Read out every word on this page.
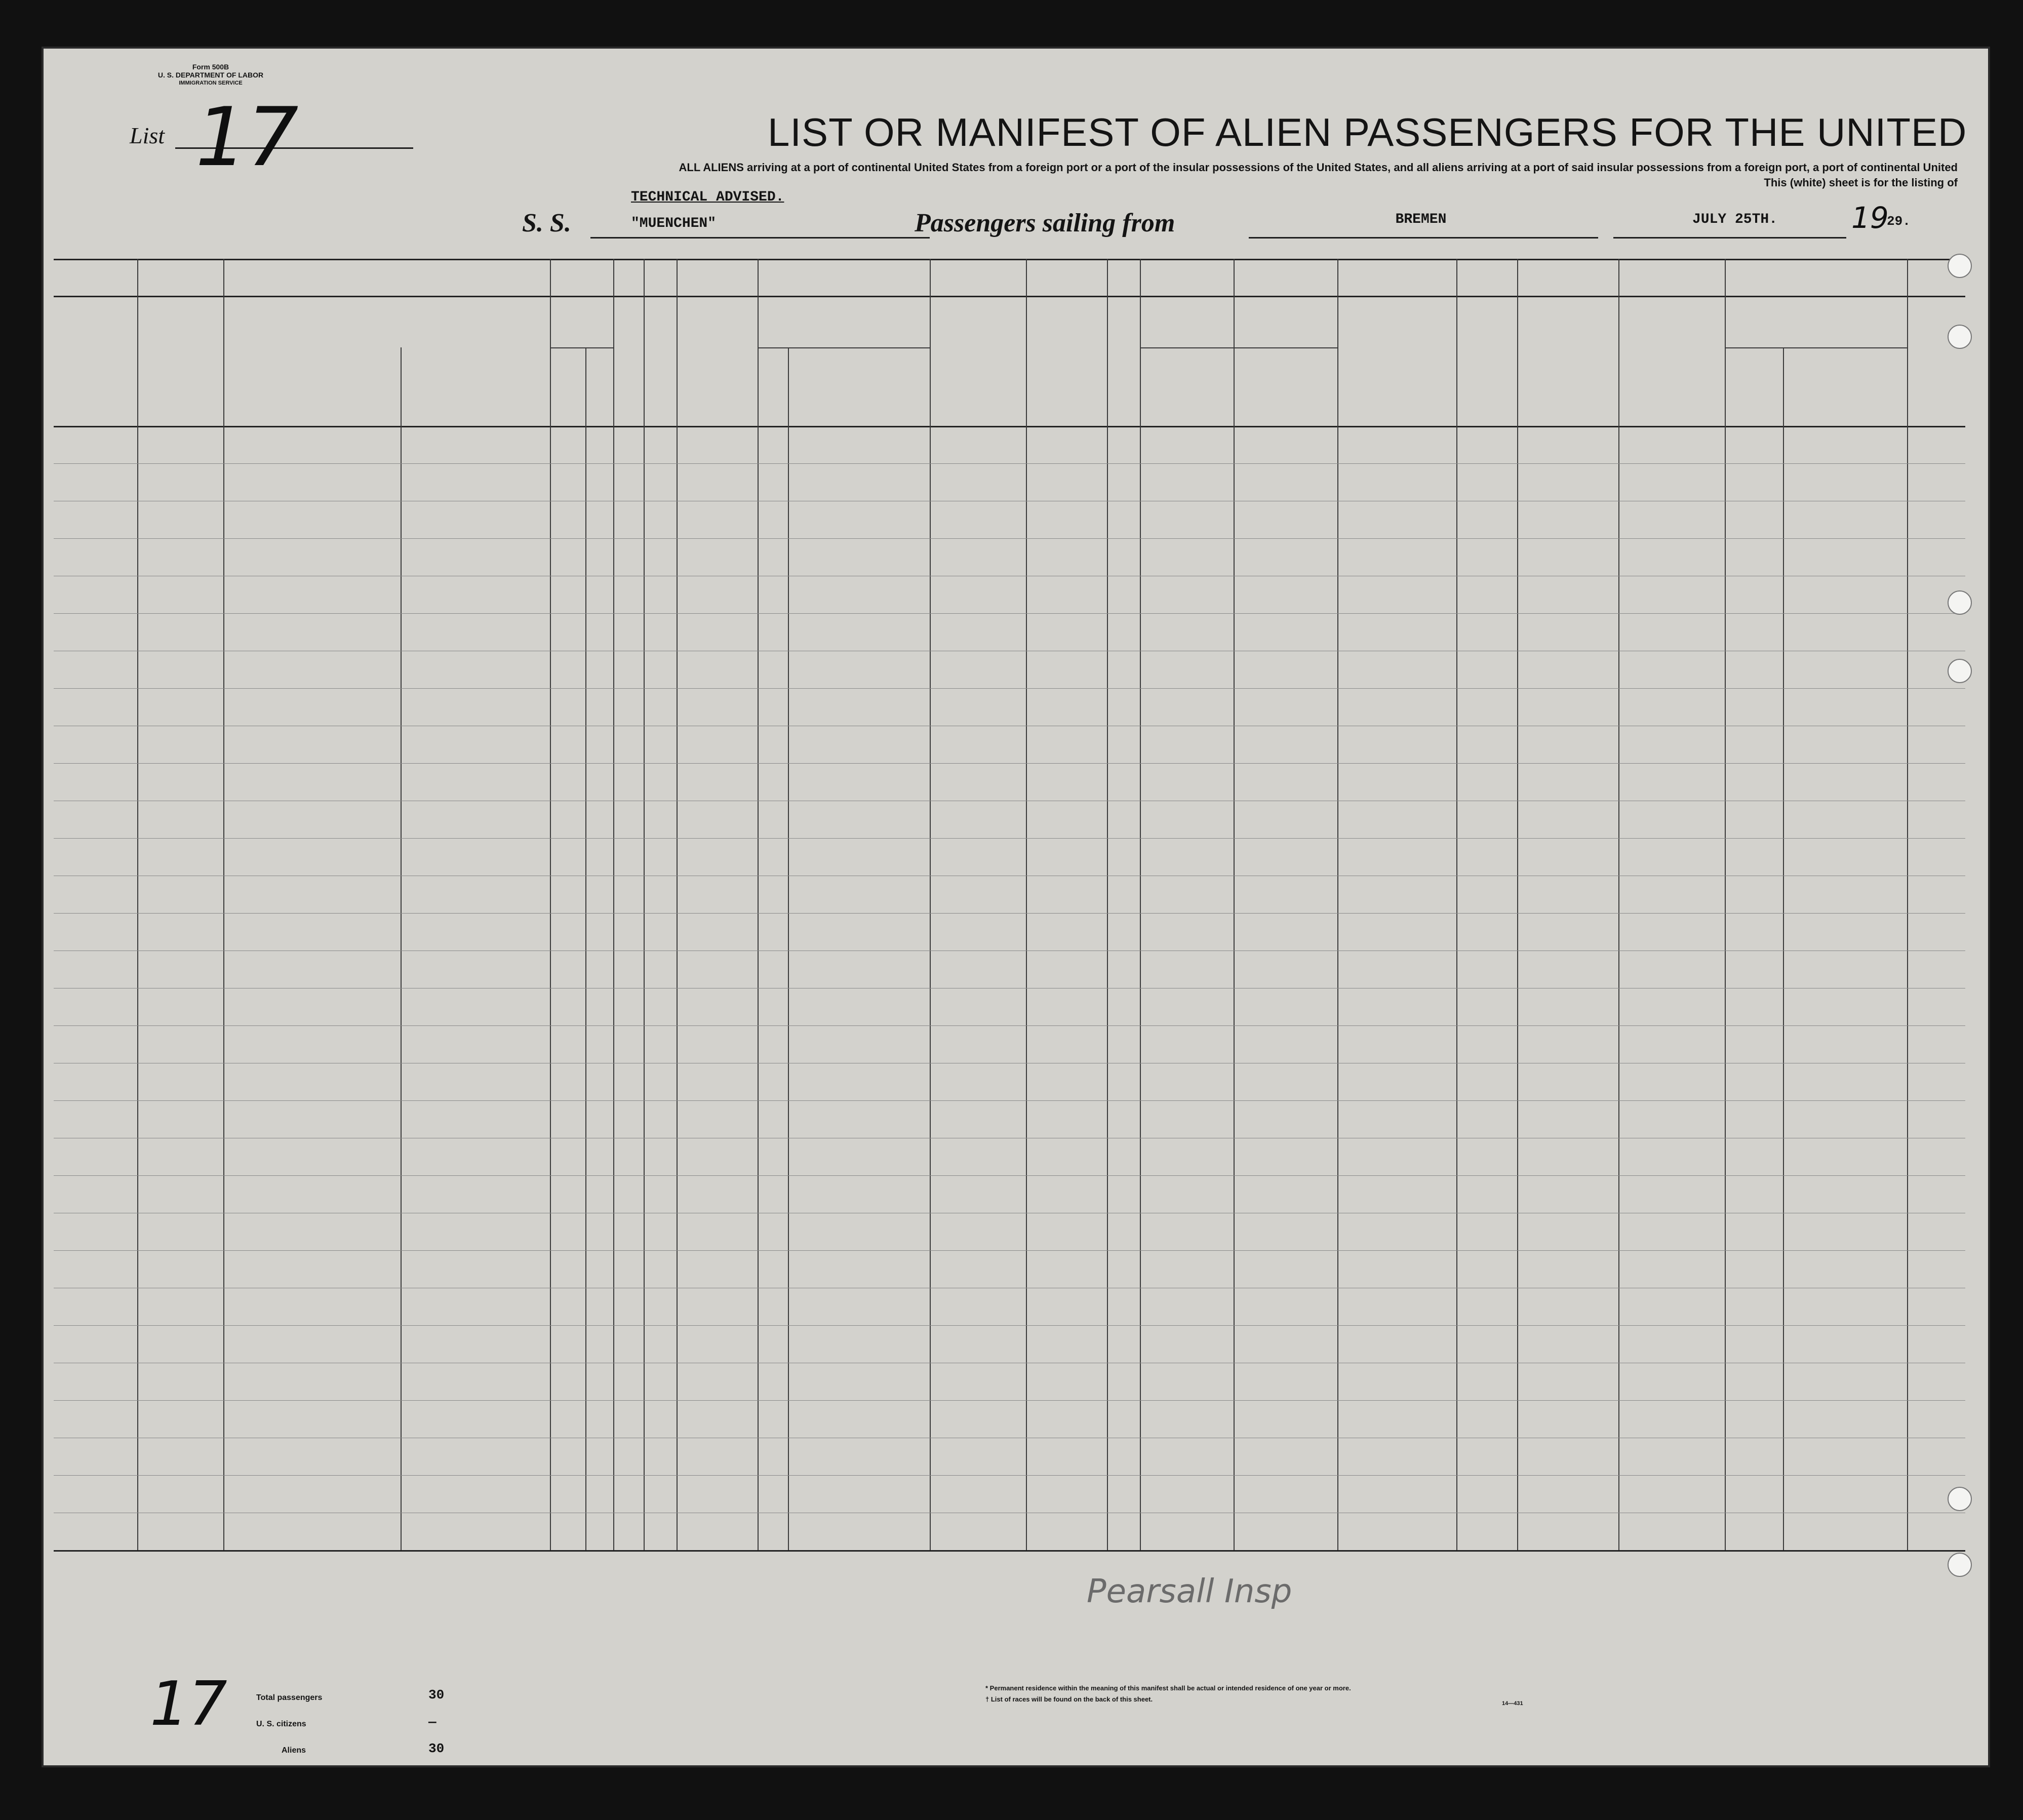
Form 500B
U. S. DEPARTMENT OF LABOR
IMMIGRATION SERVICE
List 17	LIST OR MANIFEST OF ALIEN PASSENGERS FOR THE UNITED
ALL ALIENS arriving at a port of continental United States from a foreign port or a port of the insular possessions of the United States, and all aliens arriving at a port of said insular possessions from a foreign port, a port of continental United
This (white) sheet is for the listing of
S. S.
TECHNICAL ADVISED.
"MUENCHEN"	Passengers sailing from	BREMEN	JULY 25TH.	19
29.
17
Pearsall Insp
Total passengers	30
U. S. citizens	—
Aliens	30
* Permanent residence within the meaning of this manifest shall be actual or intended residence of one year or more.
† List of races will be found on the back of this sheet.
14—431
